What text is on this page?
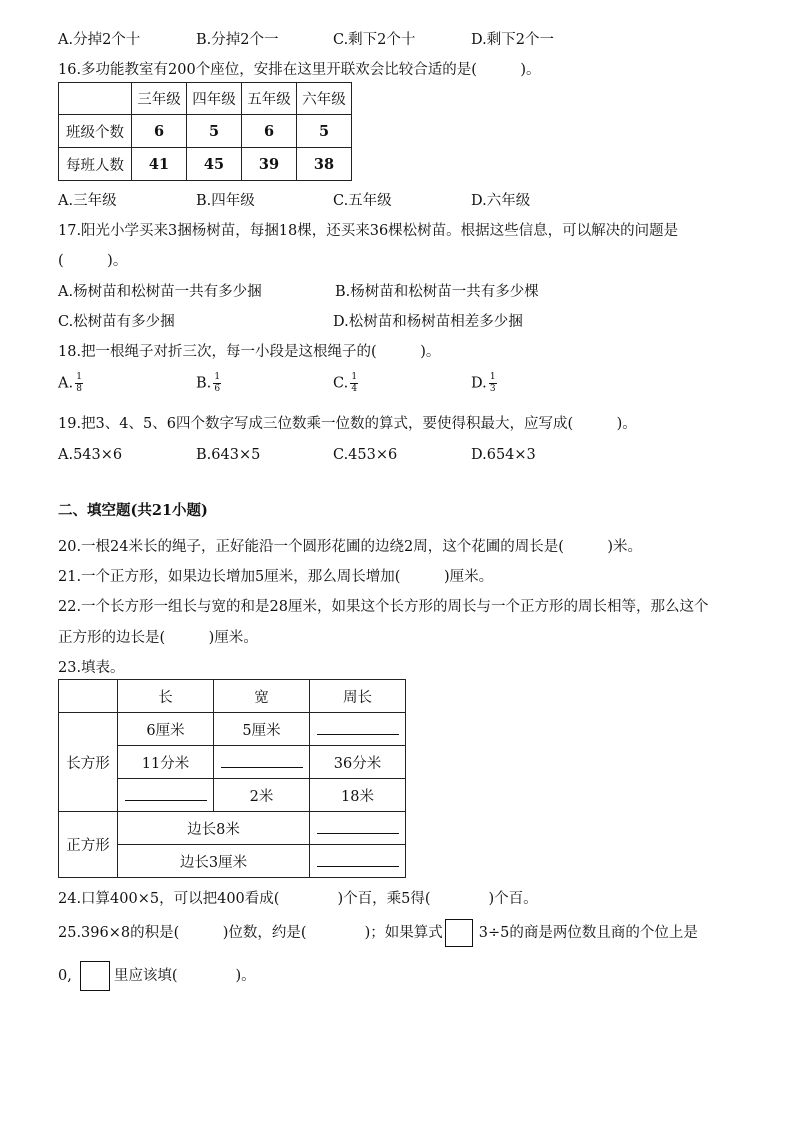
A.分掉2个十	B.分掉2个一	C.剩下2个十	D.剩下2个一
16.多功能教室有200个座位，安排在这里开联欢会比较合适的是(　　　)。
	三年级	四年级	五年级	六年级
班级个数	6	5	6	5
每班人数	41	45	39	38
A.三年级	B.四年级	C.五年级	D.六年级
17.阳光小学买来3捆杨树苗，每捆18棵，还买来36棵松树苗。根据这些信息，可以解决的问题是
(　　　)。
A.杨树苗和松树苗一共有多少捆	B.杨树苗和松树苗一共有多少棵
C.松树苗有多少捆	D.松树苗和杨树苗相差多少捆
18.把一根绳子对折三次，每一小段是这根绳子的(　　　)。
A. $\frac{1}{8}$	B. $\frac{1}{6}$	C. $\frac{1}{4}$	D. $\frac{1}{3}$
19.把3、4、5、6四个数字写成三位数乘一位数的算式，要使得积最大，应写成(　　　)。
A.543×6	B.643×5	C.453×6	D.654×3
二、填空题(共21小题)
20.一根24米长的绳子，正好能沿一个圆形花圃的边绕2周，这个花圃的周长是(　　　)米。
21.一个正方形，如果边长增加5厘米，那么周长增加(　　　)厘米。
22.一个长方形一组长与宽的和是28厘米，如果这个长方形的周长与一个正方形的周长相等，那么这个
正方形的边长是(　　　)厘米。
23.填表。
	长	宽	周长
长方形	6厘米	5厘米	
	11分米		36分米
		2米	18米
正方形	边长8米		
	边长3厘米		
24.口算400×5，可以把400看成(　　　　)个百，乘5得(　　　　)个百。
25.396×8的积是(　　　)位数，约是(　　　　)；如果算式 3÷5的商是两位数且商的个位上是
0,	里应该填(　　　　)。
